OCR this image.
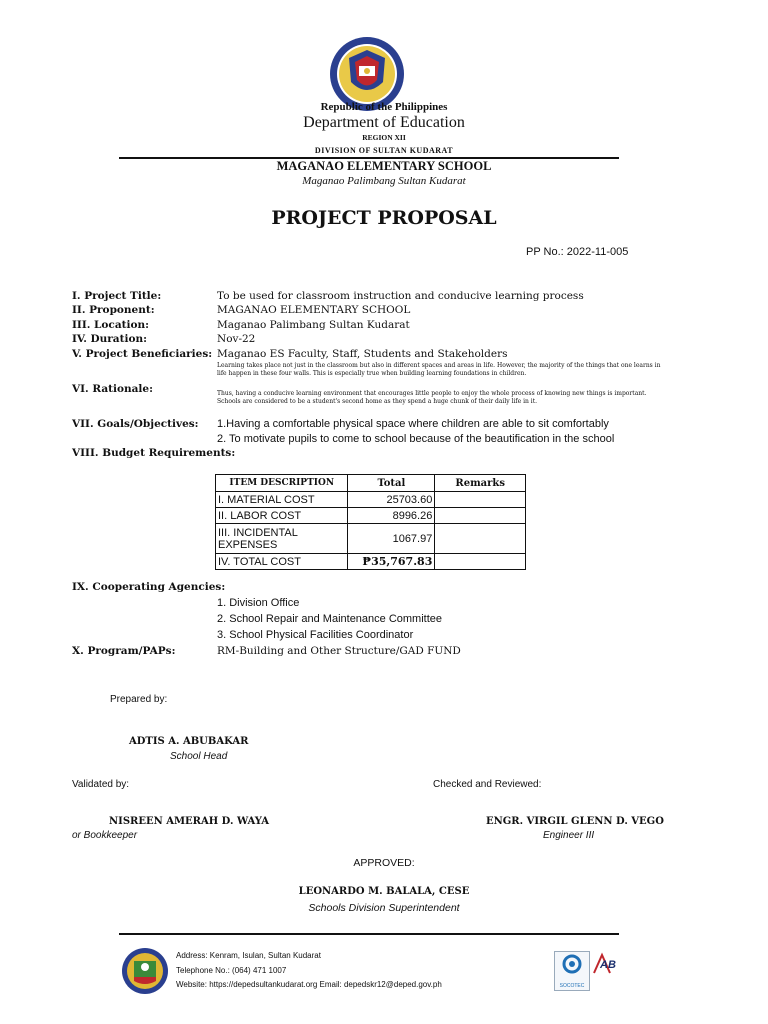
Republic of the Philippines
Department of Education
REGION XII
DIVISION OF SULTAN KUDARAT
MAGANAO ELEMENTARY SCHOOL
Maganao Palimbang Sultan Kudarat
PROJECT PROPOSAL
PP No.: 2022-11-005
I. Project Title:	To be used for classroom instruction and conducive learning process
II. Proponent:	MAGANAO ELEMENTARY SCHOOL
III. Location:	Maganao Palimbang Sultan Kudarat
IV. Duration:	Nov-22
V. Project Beneficiaries: Maganao ES Faculty, Staff, Students and Stakeholders
Learning takes place not just in the classroom but also in different spaces and areas in life. However, the majority of the things that one learns in life happen in these four walls. This is especially true when building learning foundations in children.
VI. Rationale:	Thus, having a conducive learning environment that encourages little people to enjoy the whole process of knowing new things is important. Schools are considered to be a student's second home as they spend a huge chunk of their daily life in it.
VII. Goals/Objectives: 1.Having a comfortable physical space where children are able to sit comfortably
2. To motivate pupils to come to school because of the beautification in the school
VIII. Budget Requirements:
ITEM DESCRIPTION	Total	Remarks
I. MATERIAL COST	25703.60	
II. LABOR COST	8996.26	
III. INCIDENTAL EXPENSES	1067.97	
IV. TOTAL COST	₱35,767.83	
IX. Cooperating Agencies:
1. Division Office
2. School Repair and Maintenance Committee
3. School Physical Facilities Coordinator
X. Program/PAPs:	RM-Building and Other Structure/GAD FUND
Prepared by:
ADTIS A. ABUBAKAR
School Head
Validated by:	Checked and Reviewed:
NISREEN AMERAH D. WAYA
or Bookkeeper
ENGR. VIRGIL GLENN D. VEGO
Engineer III
APPROVED:
LEONARDO M. BALALA, CESE
Schools Division Superintendent
Address: Kenram, Isulan, Sultan Kudarat
Telephone No.: (064) 471 1007
Website: https://depedsultankudarat.org Email: depedskr12@deped.gov.ph	SOCOTEC
AB
